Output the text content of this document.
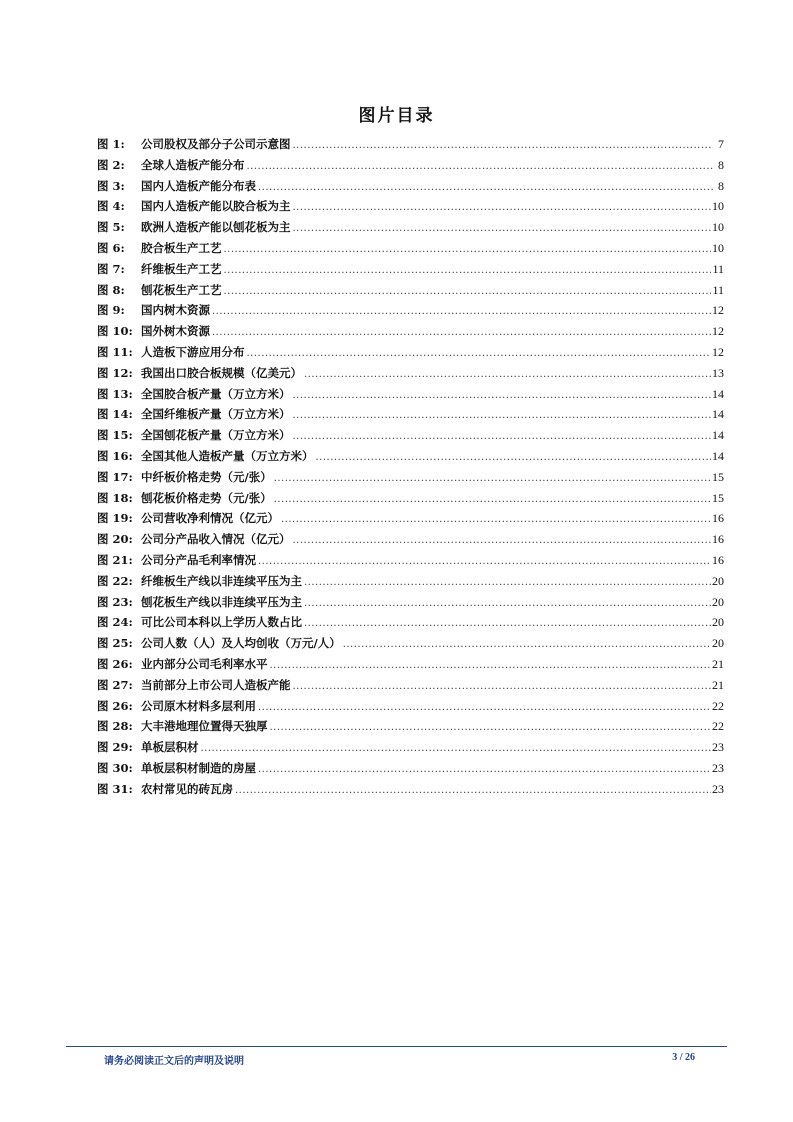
图片目录
图 1:	公司股权及部分子公司示意图 .....	7
图 2:	全球人造板产能分布 .....	8
图 3:	国内人造板产能分布表 .....	8
图 4:	国内人造板产能以胶合板为主 .....	10
图 5:	欧洲人造板产能以刨花板为主 .....	10
图 6:	胶合板生产工艺 .....	10
图 7:	纤维板生产工艺 .....	11
图 8:	刨花板生产工艺 .....	11
图 9:	国内树木资源 .....	12
图 10: 国外树木资源 .....	12
图 11: 人造板下游应用分布 .....	12
图 12: 我国出口胶合板规模（亿美元） .....	13
图 13: 全国胶合板产量（万立方米） .....	14
图 14: 全国纤维板产量（万立方米） .....	14
图 15: 全国刨花板产量（万立方米） .....	14
图 16: 全国其他人造板产量（万立方米） .....	14
图 17: 中纤板价格走势（元/张） .....	15
图 18: 刨花板价格走势（元/张） .....	15
图 19: 公司营收净利情况（亿元） .....	16
图 20: 公司分产品收入情况（亿元） .....	16
图 21: 公司分产品毛利率情况 .....	16
图 22: 纤维板生产线以非连续平压为主 .....	20
图 23: 刨花板生产线以非连续平压为主 .....	20
图 24: 可比公司本科以上学历人数占比 .....	20
图 25: 公司人数（人）及人均创收（万元/人） .....	20
图 26: 业内部分公司毛利率水平 .....	21
图 27: 当前部分上市公司人造板产能 .....	21
图 26: 公司原木材料多层利用 .....	22
图 28: 大丰港地理位置得天独厚 .....	22
图 29: 单板层积材 .....	23
图 30: 单板层积材制造的房屋 .....	23
图 31: 农村常见的砖瓦房 .....	23
请务必阅读正文后的声明及说明	3 / 26
